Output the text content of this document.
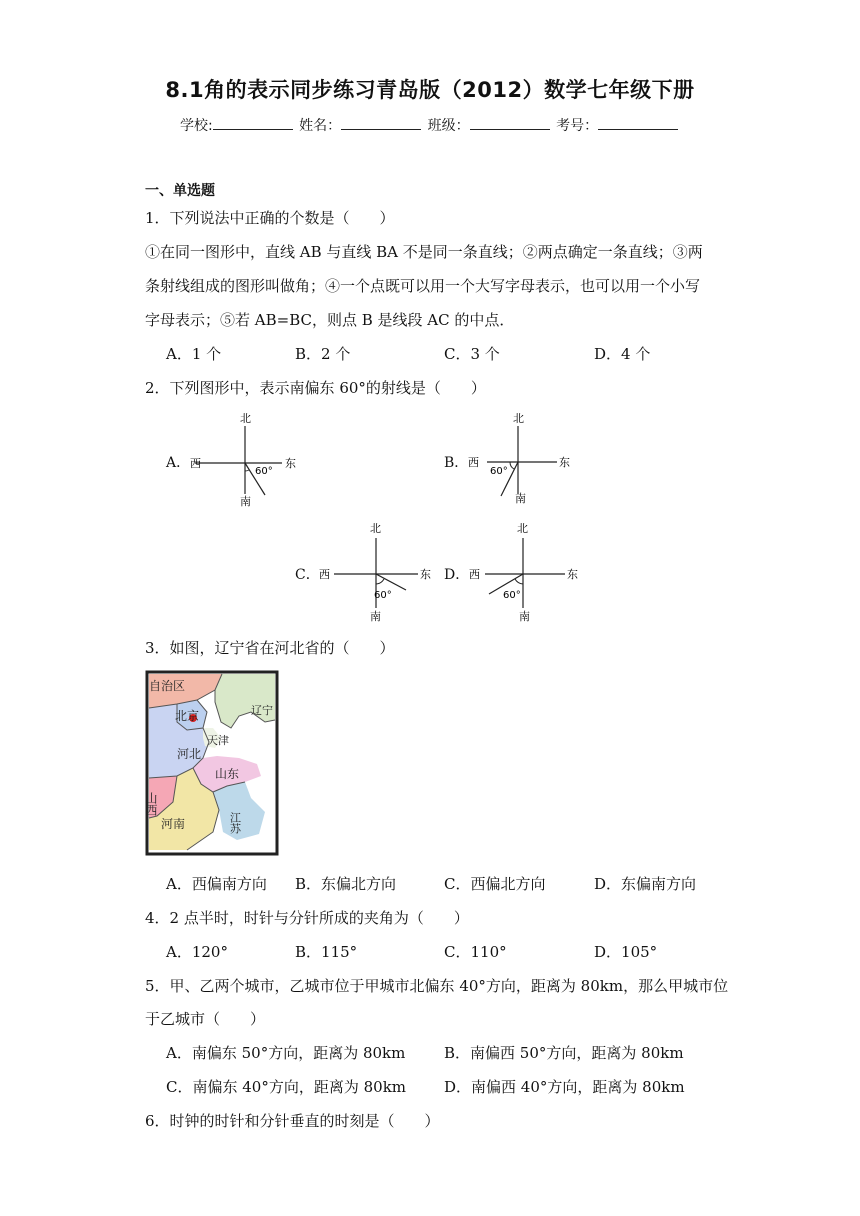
8.1角的表示同步练习青岛版（2012）数学七年级下册
学校:	姓名：	班级：	考号：
一、单选题
1．下列说法中正确的个数是（　　）
①在同一图形中，直线 AB 与直线 BA 不是同一条直线；②两点确定一条直线；③两
条射线组成的图形叫做角；④一个点既可以用一个大写字母表示，也可以用一个小写
字母表示；⑤若 AB=BC，则点 B 是线段 AC 的中点．
A．1 个	B．2 个	C．3 个	D．4 个
2．下列图形中，表示南偏东 60°的射线是（　　）
A．
北
西	东
南
60°
B．
北
西	东
南
60°
C．
北
西	东
南
60°
D．
北
西	东
南
60°
3．如图，辽宁省在河北省的（　　）
自治区
辽宁
北京
天津
河北
山东
山西
河南	江苏
A．西偏南方向 B．东偏北方向	C．西偏北方向	D．东偏南方向
4．2 点半时，时针与分针所成的夹角为（　　）
A．120°	B．115°	C．110°	D．105°
5．甲、乙两个城市，乙城市位于甲城市北偏东 40°方向，距离为 80km，那么甲城市位
于乙城市（　　）
A．南偏东 50°方向，距离为 80km	B．南偏西 50°方向，距离为 80km
C．南偏东 40°方向，距离为 80km	D．南偏西 40°方向，距离为 80km
6．时钟的时针和分针垂直的时刻是（　　）
